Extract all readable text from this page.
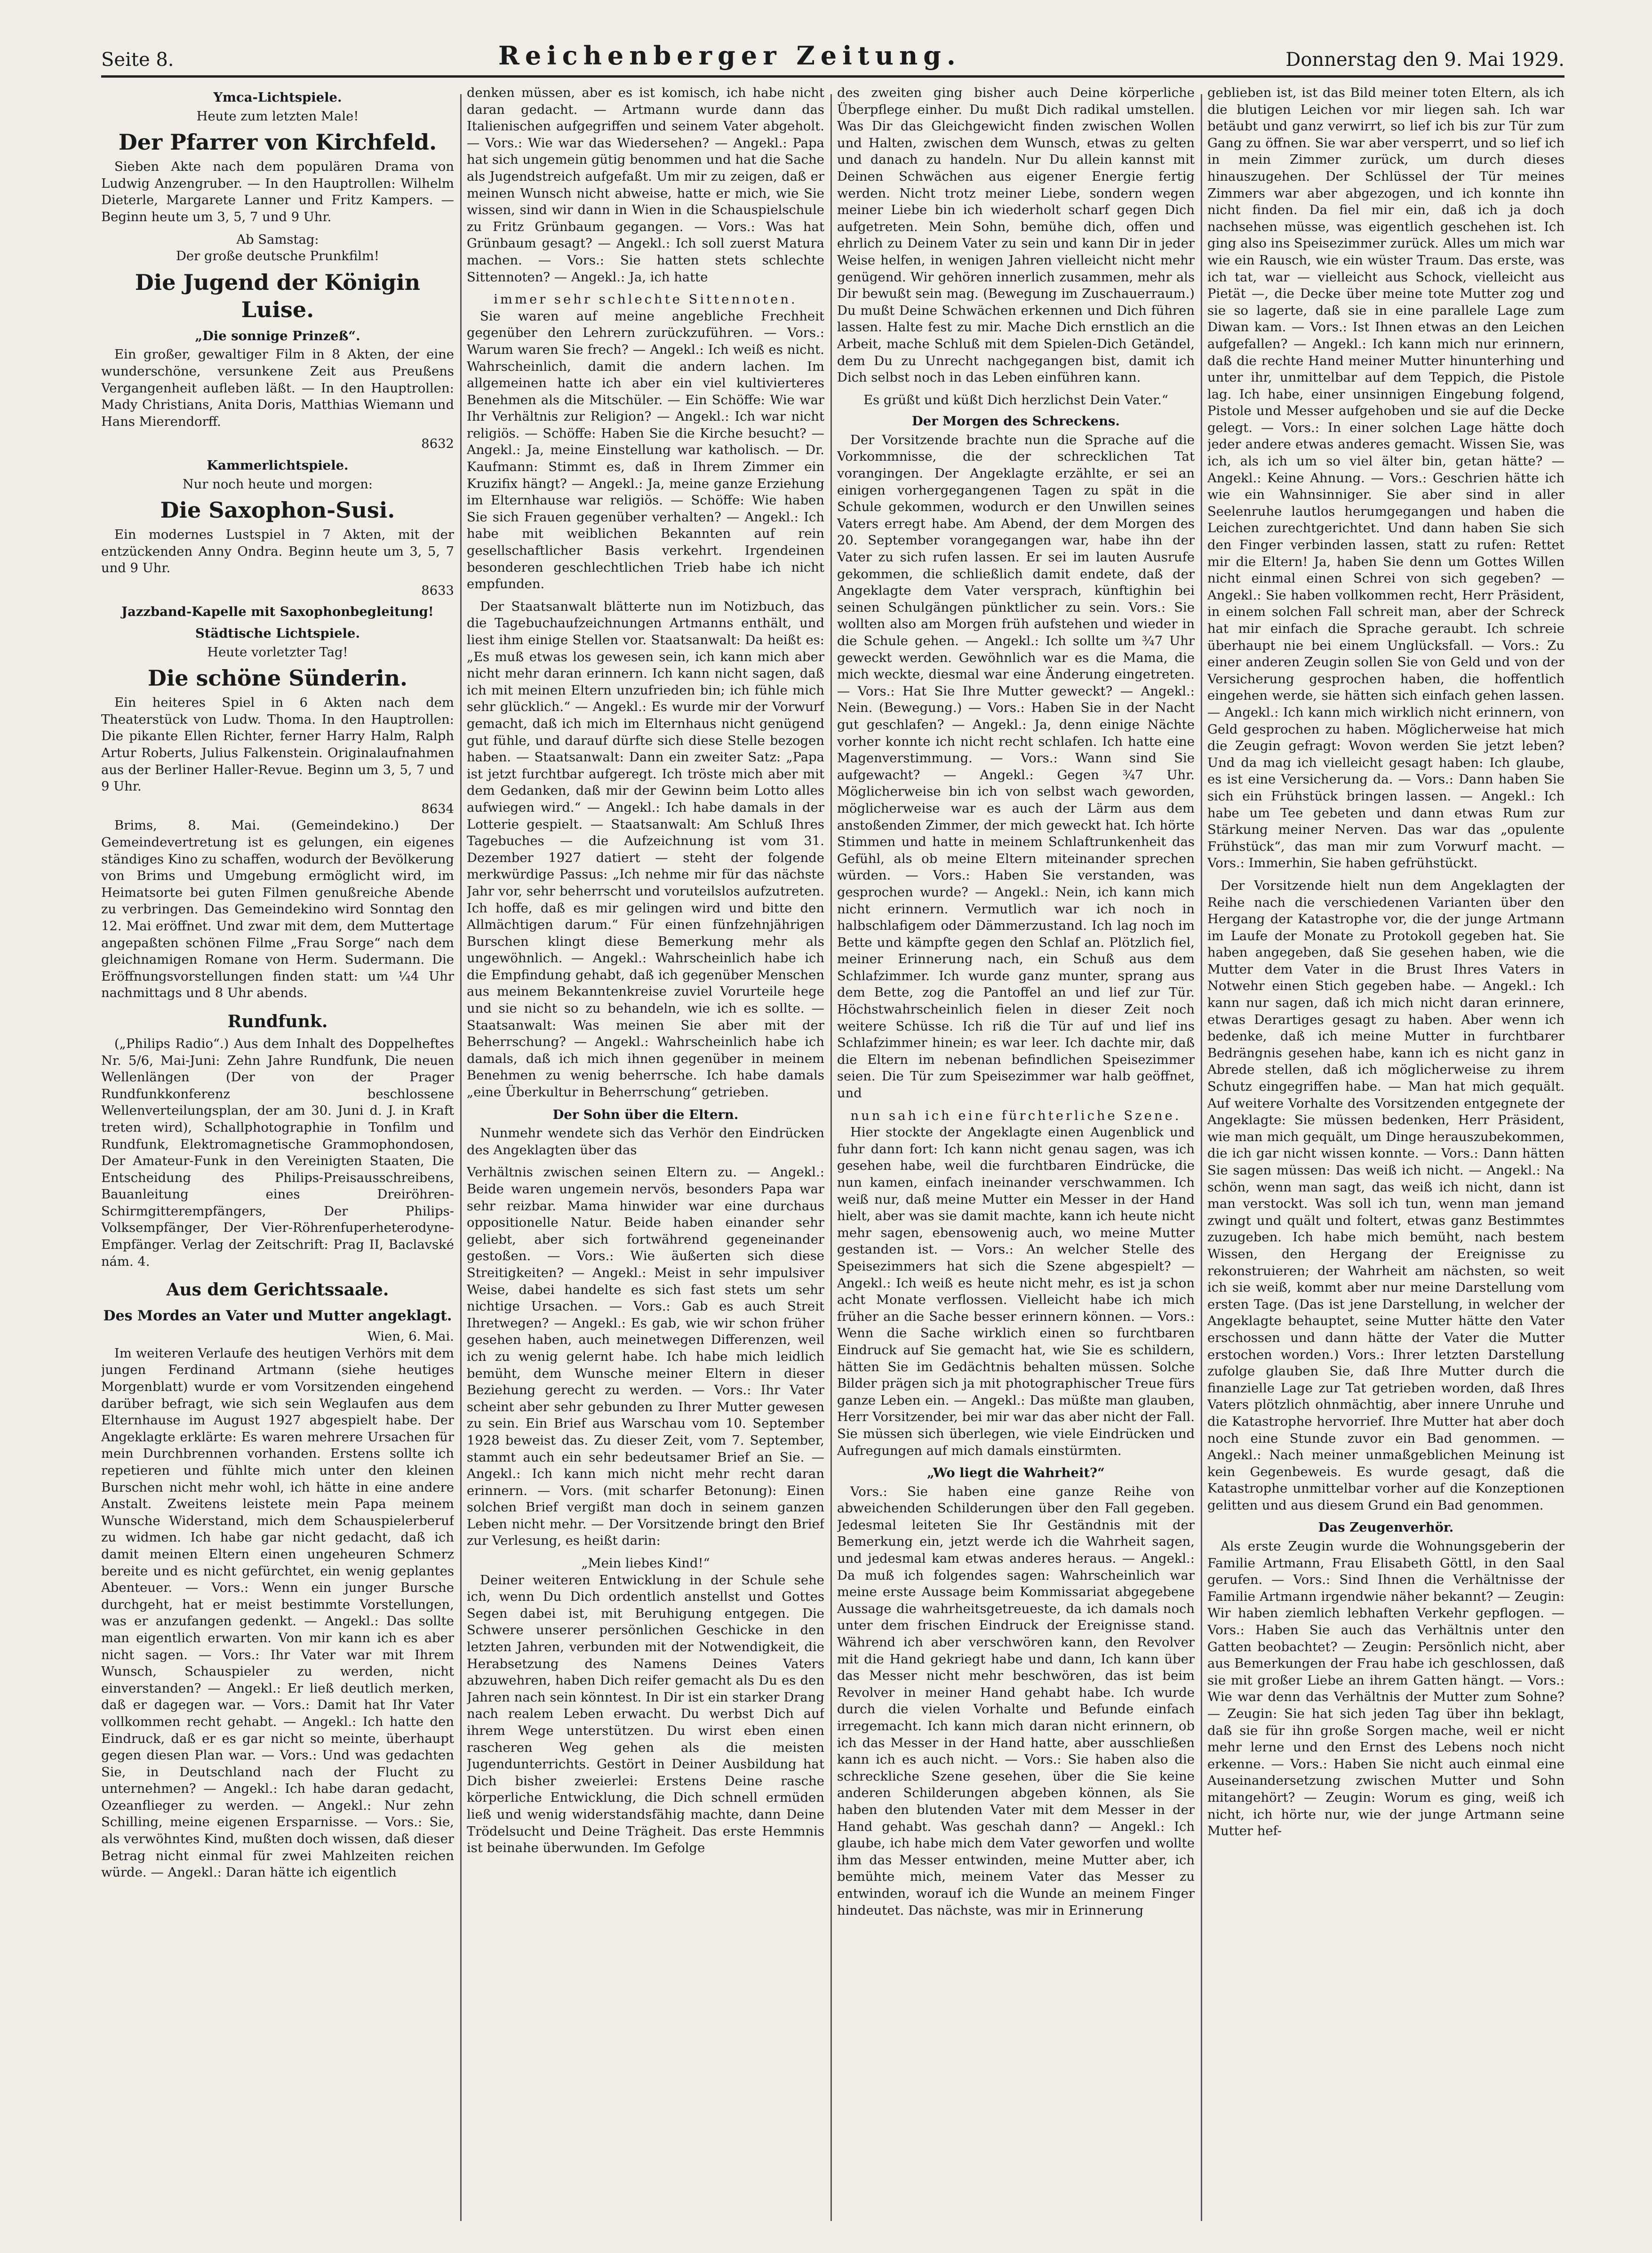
Seite 8.	Reichenberger Zeitung.	Donnerstag den 9. Mai 1929.
Ymca-Lichtspiele.
Heute zum letzten Male!
Der Pfarrer von Kirchfeld.

Sieben Akte nach dem populären Drama von Ludwig Anzengruber. — In den Hauptrollen: Wilhelm Dieterle, Margarete Lanner und Fritz Kampers. — Beginn heute um 3, 5, 7 und 9 Uhr.

Ab Samstag:
Der große deutsche Prunkfilm!
Die Jugend der Königin Luise.
„Die sonnige Prinzeß“.

Ein großer, gewaltiger Film in 8 Akten, der eine wunderschöne, versunkene Zeit aus Preußens Vergangenheit aufleben läßt. — In den Hauptrollen: Mady Christians, Anita Doris, Matthias Wiemann und Hans Mierendorff.

8632
Kammerlichtspiele.
Nur noch heute und morgen:
Die Saxophon-Susi.

Ein modernes Lustspiel in 7 Akten, mit der entzückenden Anny Ondra. Beginn heute um 3, 5, 7 und 9 Uhr.

8633
Jazzband-Kapelle mit Saxophonbegleitung!
Städtische Lichtspiele.
Heute vorletzter Tag!
Die schöne Sünderin.

Ein heiteres Spiel in 6 Akten nach dem Theaterstück von Ludw. Thoma. In den Hauptrollen: Die pikante Ellen Richter, ferner Harry Halm, Ralph Artur Roberts, Julius Falkenstein. Originalaufnahmen aus der Berliner Haller-Revue. Beginn um 3, 5, 7 und 9 Uhr.

8634

Brims, 8. Mai. (Gemeindekino.) Der Gemeindevertretung ist es gelungen, ein eigenes ständiges Kino zu schaffen, wodurch der Bevölkerung von Brims und Umgebung ermöglicht wird, im Heimatsorte bei guten Filmen genußreiche Abende zu verbringen. Das Gemeindekino wird Sonntag den 12. Mai eröffnet. Und zwar mit dem, dem Muttertage angepaßten schönen Filme „Frau Sorge“ nach dem gleichnamigen Romane von Herm. Sudermann. Die Eröffnungsvorstellungen finden statt: um ¼4 Uhr nachmittags und 8 Uhr abends.

Rundfunk.

(„Philips Radio“.) Aus dem Inhalt des Doppelheftes Nr. 5/6, Mai-Juni: Zehn Jahre Rundfunk, Die neuen Wellenlängen (Der von der Prager Rundfunkkonferenz beschlossene Wellenverteilungsplan, der am 30. Juni d. J. in Kraft treten wird), Schallphotographie in Tonfilm und Rundfunk, Elektromagnetische Grammophondosen, Der Amateur-Funk in den Vereinigten Staaten, Die Entscheidung des Philips-Preisausschreibens, Bauanleitung eines Dreiröhren-Schirmgitterempfängers, Der Philips-Volksempfänger, Der Vier-Röhrenfuperheterodyne-Empfänger. Verlag der Zeitschrift: Prag II, Baclavské nám. 4.

Aus dem Gerichtssaale.
Des Mordes an Vater und Mutter angeklagt.
Wien, 6. Mai.

Im weiteren Verlaufe des heutigen Verhörs mit dem jungen Ferdinand Artmann (siehe heutiges Morgenblatt) wurde er vom Vorsitzenden eingehend darüber befragt, wie sich sein Weglaufen aus dem Elternhause im August 1927 abgespielt habe. Der Angeklagte erklärte: Es waren mehrere Ursachen für mein Durchbrennen vorhanden. Erstens sollte ich repetieren und fühlte mich unter den kleinen Burschen nicht mehr wohl, ich hätte in eine andere Anstalt. Zweitens leistete mein Papa meinem Wunsche Widerstand, mich dem Schauspielerberuf zu widmen. Ich habe gar nicht gedacht, daß ich damit meinen Eltern einen ungeheuren Schmerz bereite und es nicht gefürchtet, ein wenig geplantes Abenteuer. — Vors.: Wenn ein junger Bursche durchgeht, hat er meist bestimmte Vorstellungen, was er anzufangen gedenkt. — Angekl.: Das sollte man eigentlich erwarten. Von mir kann ich es aber nicht sagen. — Vors.: Ihr Vater war mit Ihrem Wunsch, Schauspieler zu werden, nicht einverstanden? — Angekl.: Er ließ deutlich merken, daß er dagegen war. — Vors.: Damit hat Ihr Vater vollkommen recht gehabt. — Angekl.: Ich hatte den Eindruck, daß er es gar nicht so meinte, überhaupt gegen diesen Plan war. — Vors.: Und was gedachten Sie, in Deutschland nach der Flucht zu unternehmen? — Angekl.: Ich habe daran gedacht, Ozeanflieger zu werden. — Angekl.: Nur zehn Schilling, meine eigenen Ersparnisse. — Vors.: Sie, als verwöhntes Kind, mußten doch wissen, daß dieser Betrag nicht einmal für zwei Mahlzeiten reichen würde. — Angekl.: Daran hätte ich eigentlich

denken müssen, aber es ist komisch, ich habe nicht daran gedacht. — Artmann wurde dann das Italienischen aufgegriffen und seinem Vater abgeholt. — Vors.: Wie war das Wiedersehen? — Angekl.: Papa hat sich ungemein gütig benommen und hat die Sache als Jugendstreich aufgefaßt. Um mir zu zeigen, daß er meinen Wunsch nicht abweise, hatte er mich, wie Sie wissen, sind wir dann in Wien in die Schauspielschule zu Fritz Grünbaum gegangen. — Vors.: Was hat Grünbaum gesagt? — Angekl.: Ich soll zuerst Matura machen. — Vors.: Sie hatten stets schlechte Sittennoten? — Angekl.: Ja, ich hatte

immer sehr schlechte Sittennoten.

Sie waren auf meine angebliche Frechheit gegenüber den Lehrern zurückzuführen. — Vors.: Warum waren Sie frech? — Angekl.: Ich weiß es nicht. Wahrscheinlich, damit die andern lachen. Im allgemeinen hatte ich aber ein viel kultivierteres Benehmen als die Mitschüler. — Ein Schöffe: Wie war Ihr Verhältnis zur Religion? — Angekl.: Ich war nicht religiös. — Schöffe: Haben Sie die Kirche besucht? — Angekl.: Ja, meine Einstellung war katholisch. — Dr. Kaufmann: Stimmt es, daß in Ihrem Zimmer ein Kruzifix hängt? — Angekl.: Ja, meine ganze Erziehung im Elternhause war religiös. — Schöffe: Wie haben Sie sich Frauen gegenüber verhalten? — Angekl.: Ich habe mit weiblichen Bekannten auf rein gesellschaftlicher Basis verkehrt. Irgendeinen besonderen geschlechtlichen Trieb habe ich nicht empfunden.

Der Staatsanwalt blätterte nun im Notizbuch, das die Tagebuchaufzeichnungen Artmanns enthält, und liest ihm einige Stellen vor. Staatsanwalt: Da heißt es: „Es muß etwas los gewesen sein, ich kann mich aber nicht mehr daran erinnern. Ich kann nicht sagen, daß ich mit meinen Eltern unzufrieden bin; ich fühle mich sehr glücklich.“ — Angekl.: Es wurde mir der Vorwurf gemacht, daß ich mich im Elternhaus nicht genügend gut fühle, und darauf dürfte sich diese Stelle bezogen haben. — Staatsanwalt: Dann ein zweiter Satz: „Papa ist jetzt furchtbar aufgeregt. Ich tröste mich aber mit dem Gedanken, daß mir der Gewinn beim Lotto alles aufwiegen wird.“ — Angekl.: Ich habe damals in der Lotterie gespielt. — Staatsanwalt: Am Schluß Ihres Tagebuches — die Aufzeichnung ist vom 31. Dezember 1927 datiert — steht der folgende merkwürdige Passus: „Ich nehme mir für das nächste Jahr vor, sehr beherrscht und voruteilslos aufzutreten. Ich hoffe, daß es mir gelingen wird und bitte den Allmächtigen darum.“ Für einen fünfzehnjährigen Burschen klingt diese Bemerkung mehr als ungewöhnlich. — Angekl.: Wahrscheinlich habe ich die Empfindung gehabt, daß ich gegenüber Menschen aus meinem Bekanntenkreise zuviel Vorurteile hege und sie nicht so zu behandeln, wie ich es sollte. — Staatsanwalt: Was meinen Sie aber mit der Beherrschung? — Angekl.: Wahrscheinlich habe ich damals, daß ich mich ihnen gegenüber in meinem Benehmen zu wenig beherrsche. Ich habe damals „eine Überkultur in Beherrschung“ getrieben.

Der Sohn über die Eltern.

Nunmehr wendete sich das Verhör den Eindrücken des Angeklagten über das

Verhältnis zwischen seinen Eltern zu. — Angekl.: Beide waren ungemein nervös, besonders Papa war sehr reizbar. Mama hinwider war eine durchaus oppositionelle Natur. Beide haben einander sehr geliebt, aber sich fortwährend gegeneinander gestoßen. — Vors.: Wie äußerten sich diese Streitigkeiten? — Angekl.: Meist in sehr impulsiver Weise, dabei handelte es sich fast stets um sehr nichtige Ursachen. — Vors.: Gab es auch Streit Ihretwegen? — Angekl.: Es gab, wie wir schon früher gesehen haben, auch meinetwegen Differenzen, weil ich zu wenig gelernt habe. Ich habe mich leidlich bemüht, dem Wunsche meiner Eltern in dieser Beziehung gerecht zu werden. — Vors.: Ihr Vater scheint aber sehr gebunden zu Ihrer Mutter gewesen zu sein. Ein Brief aus Warschau vom 10. September 1928 beweist das. Zu dieser Zeit, vom 7. September, stammt auch ein sehr bedeutsamer Brief an Sie. — Angekl.: Ich kann mich nicht mehr recht daran erinnern. — Vors. (mit scharfer Betonung): Einen solchen Brief vergißt man doch in seinem ganzen Leben nicht mehr. — Der Vorsitzende bringt den Brief zur Verlesung, es heißt darin:

„Mein liebes Kind!“

Deiner weiteren Entwicklung in der Schule sehe ich, wenn Du Dich ordentlich anstellst und Gottes Segen dabei ist, mit Beruhigung entgegen. Die Schwere unserer persönlichen Geschicke in den letzten Jahren, verbunden mit der Notwendigkeit, die Herabsetzung des Namens Deines Vaters abzuwehren, haben Dich reifer gemacht als Du es den Jahren nach sein könntest. In Dir ist ein starker Drang nach realem Leben erwacht. Du werbst Dich auf ihrem Wege unterstützen. Du wirst eben einen rascheren Weg gehen als die meisten Jugendunterrichts. Gestört in Deiner Ausbildung hat Dich bisher zweierlei: Erstens Deine rasche körperliche Entwicklung, die Dich schnell ermüden ließ und wenig widerstandsfähig machte, dann Deine Trödelsucht und Deine Trägheit. Das erste Hemmnis ist beinahe überwunden. Im Gefolge

des zweiten ging bisher auch Deine körperliche Überpflege einher. Du mußt Dich radikal umstellen. Was Dir das Gleichgewicht finden zwischen Wollen und Halten, zwischen dem Wunsch, etwas zu gelten und danach zu handeln. Nur Du allein kannst mit Deinen Schwächen aus eigener Energie fertig werden. Nicht trotz meiner Liebe, sondern wegen meiner Liebe bin ich wiederholt scharf gegen Dich aufgetreten. Mein Sohn, bemühe dich, offen und ehrlich zu Deinem Vater zu sein und kann Dir in jeder Weise helfen, in wenigen Jahren vielleicht nicht mehr genügend. Wir gehören innerlich zusammen, mehr als Dir bewußt sein mag. (Bewegung im Zuschauerraum.) Du mußt Deine Schwächen erkennen und Dich führen lassen. Halte fest zu mir. Mache Dich ernstlich an die Arbeit, mache Schluß mit dem Spielen-Dich Getändel, dem Du zu Unrecht nachgegangen bist, damit ich Dich selbst noch in das Leben einführen kann.

Es grüßt und küßt Dich herzlichst Dein Vater.“
Der Morgen des Schreckens.

Der Vorsitzende brachte nun die Sprache auf die Vorkommnisse, die der schrecklichen Tat vorangingen. Der Angeklagte erzählte, er sei an einigen vorhergegangenen Tagen zu spät in die Schule gekommen, wodurch er den Unwillen seines Vaters erregt habe. Am Abend, der dem Morgen des 20. September vorangegangen war, habe ihn der Vater zu sich rufen lassen. Er sei im lauten Ausrufe gekommen, die schließlich damit endete, daß der Angeklagte dem Vater versprach, künftighin bei seinen Schulgängen pünktlicher zu sein. Vors.: Sie wollten also am Morgen früh aufstehen und wieder in die Schule gehen. — Angekl.: Ich sollte um ¾7 Uhr geweckt werden. Gewöhnlich war es die Mama, die mich weckte, diesmal war eine Änderung eingetreten. — Vors.: Hat Sie Ihre Mutter geweckt? — Angekl.: Nein. (Bewegung.) — Vors.: Haben Sie in der Nacht gut geschlafen? — Angekl.: Ja, denn einige Nächte vorher konnte ich nicht recht schlafen. Ich hatte eine Magenverstimmung. — Vors.: Wann sind Sie aufgewacht? — Angekl.: Gegen ¾7 Uhr. Möglicherweise bin ich von selbst wach geworden, möglicherweise war es auch der Lärm aus dem anstoßenden Zimmer, der mich geweckt hat. Ich hörte Stimmen und hatte in meinem Schlaftrunkenheit das Gefühl, als ob meine Eltern miteinander sprechen würden. — Vors.: Haben Sie verstanden, was gesprochen wurde? — Angekl.: Nein, ich kann mich nicht erinnern. Vermutlich war ich noch in halbschlafigem oder Dämmerzustand. Ich lag noch im Bette und kämpfte gegen den Schlaf an. Plötzlich fiel, meiner Erinnerung nach, ein Schuß aus dem Schlafzimmer. Ich wurde ganz munter, sprang aus dem Bette, zog die Pantoffel an und lief zur Tür. Höchstwahrscheinlich fielen in dieser Zeit noch weitere Schüsse. Ich riß die Tür auf und lief ins Schlafzimmer hinein; es war leer. Ich dachte mir, daß die Eltern im nebenan befindlichen Speisezimmer seien. Die Tür zum Speisezimmer war halb geöffnet, und

nun sah ich eine fürchterliche Szene.

Hier stockte der Angeklagte einen Augenblick und fuhr dann fort: Ich kann nicht genau sagen, was ich gesehen habe, weil die furchtbaren Eindrücke, die nun kamen, einfach ineinander verschwammen. Ich weiß nur, daß meine Mutter ein Messer in der Hand hielt, aber was sie damit machte, kann ich heute nicht mehr sagen, ebensowenig auch, wo meine Mutter gestanden ist. — Vors.: An welcher Stelle des Speisezimmers hat sich die Szene abgespielt? — Angekl.: Ich weiß es heute nicht mehr, es ist ja schon acht Monate verflossen. Vielleicht habe ich mich früher an die Sache besser erinnern können. — Vors.: Wenn die Sache wirklich einen so furchtbaren Eindruck auf Sie gemacht hat, wie Sie es schildern, hätten Sie im Gedächtnis behalten müssen. Solche Bilder prägen sich ja mit photographischer Treue fürs ganze Leben ein. — Angekl.: Das müßte man glauben, Herr Vorsitzender, bei mir war das aber nicht der Fall. Sie müssen sich überlegen, wie viele Eindrücken und Aufregungen auf mich damals einstürmten.

„Wo liegt die Wahrheit?“

Vors.: Sie haben eine ganze Reihe von abweichenden Schilderungen über den Fall gegeben. Jedesmal leiteten Sie Ihr Geständnis mit der Bemerkung ein, jetzt werde ich die Wahrheit sagen, und jedesmal kam etwas anderes heraus. — Angekl.: Da muß ich folgendes sagen: Wahrscheinlich war meine erste Aussage beim Kommissariat abgegebene Aussage die wahrheitsgetreueste, da ich damals noch unter dem frischen Eindruck der Ereignisse stand. Während ich aber verschwören kann, den Revolver mit die Hand gekriegt habe und dann, Ich kann über das Messer nicht mehr beschwören, das ist beim Revolver in meiner Hand gehabt habe. Ich wurde durch die vielen Vorhalte und Befunde einfach irregemacht. Ich kann mich daran nicht erinnern, ob ich das Messer in der Hand hatte, aber ausschließen kann ich es auch nicht. — Vors.: Sie haben also die schreckliche Szene gesehen, über die Sie keine anderen Schilderungen abgeben können, als Sie haben den blutenden Vater mit dem Messer in der Hand gehabt. Was geschah dann? — Angekl.: Ich glaube, ich habe mich dem Vater geworfen und wollte ihm das Messer entwinden, meine Mutter aber, ich bemühte mich, meinem Vater das Messer zu entwinden, worauf ich die Wunde an meinem Finger hindeutet. Das nächste, was mir in Erinnerung

geblieben ist, ist das Bild meiner toten Eltern, als ich die blutigen Leichen vor mir liegen sah. Ich war betäubt und ganz verwirrt, so lief ich bis zur Tür zum Gang zu öffnen. Sie war aber versperrt, und so lief ich in mein Zimmer zurück, um durch dieses hinauszugehen. Der Schlüssel der Tür meines Zimmers war aber abgezogen, und ich konnte ihn nicht finden. Da fiel mir ein, daß ich ja doch nachsehen müsse, was eigentlich geschehen ist. Ich ging also ins Speisezimmer zurück. Alles um mich war wie ein Rausch, wie ein wüster Traum. Das erste, was ich tat, war — vielleicht aus Schock, vielleicht aus Pietät —, die Decke über meine tote Mutter zog und sie so lagerte, daß sie in eine parallele Lage zum Diwan kam. — Vors.: Ist Ihnen etwas an den Leichen aufgefallen? — Angekl.: Ich kann mich nur erinnern, daß die rechte Hand meiner Mutter hinunterhing und unter ihr, unmittelbar auf dem Teppich, die Pistole lag. Ich habe, einer unsinnigen Eingebung folgend, Pistole und Messer aufgehoben und sie auf die Decke gelegt. — Vors.: In einer solchen Lage hätte doch jeder andere etwas anderes gemacht. Wissen Sie, was ich, als ich um so viel älter bin, getan hätte? — Angekl.: Keine Ahnung. — Vors.: Geschrien hätte ich wie ein Wahnsinniger. Sie aber sind in aller Seelenruhe lautlos herumgegangen und haben die Leichen zurechtgerichtet. Und dann haben Sie sich den Finger verbinden lassen, statt zu rufen: Rettet mir die Eltern! Ja, haben Sie denn um Gottes Willen nicht einmal einen Schrei von sich gegeben? — Angekl.: Sie haben vollkommen recht, Herr Präsident, in einem solchen Fall schreit man, aber der Schreck hat mir einfach die Sprache geraubt. Ich schreie überhaupt nie bei einem Unglücksfall. — Vors.: Zu einer anderen Zeugin sollen Sie von Geld und von der Versicherung gesprochen haben, die hoffentlich eingehen werde, sie hätten sich einfach gehen lassen. — Angekl.: Ich kann mich wirklich nicht erinnern, von Geld gesprochen zu haben. Möglicherweise hat mich die Zeugin gefragt: Wovon werden Sie jetzt leben? Und da mag ich vielleicht gesagt haben: Ich glaube, es ist eine Versicherung da. — Vors.: Dann haben Sie sich ein Frühstück bringen lassen. — Angekl.: Ich habe um Tee gebeten und dann etwas Rum zur Stärkung meiner Nerven. Das war das „opulente Frühstück“, das man mir zum Vorwurf macht. — Vors.: Immerhin, Sie haben gefrühstückt.

Der Vorsitzende hielt nun dem Angeklagten der Reihe nach die verschiedenen Varianten über den Hergang der Katastrophe vor, die der junge Artmann im Laufe der Monate zu Protokoll gegeben hat. Sie haben angegeben, daß Sie gesehen haben, wie die Mutter dem Vater in die Brust Ihres Vaters in Notwehr einen Stich gegeben habe. — Angekl.: Ich kann nur sagen, daß ich mich nicht daran erinnere, etwas Derartiges gesagt zu haben. Aber wenn ich bedenke, daß ich meine Mutter in furchtbarer Bedrängnis gesehen habe, kann ich es nicht ganz in Abrede stellen, daß ich möglicherweise zu ihrem Schutz eingegriffen habe. — Man hat mich gequält. Auf weitere Vorhalte des Vorsitzenden entgegnete der Angeklagte: Sie müssen bedenken, Herr Präsident, wie man mich gequält, um Dinge herauszubekommen, die ich gar nicht wissen konnte. — Vors.: Dann hätten Sie sagen müssen: Das weiß ich nicht. — Angekl.: Na schön, wenn man sagt, das weiß ich nicht, dann ist man verstockt. Was soll ich tun, wenn man jemand zwingt und quält und foltert, etwas ganz Bestimmtes zuzugeben. Ich habe mich bemüht, nach bestem Wissen, den Hergang der Ereignisse zu rekonstruieren; der Wahrheit am nächsten, so weit ich sie weiß, kommt aber nur meine Darstellung vom ersten Tage. (Das ist jene Darstellung, in welcher der Angeklagte behauptet, seine Mutter hätte den Vater erschossen und dann hätte der Vater die Mutter erstochen worden.) Vors.: Ihrer letzten Darstellung zufolge glauben Sie, daß Ihre Mutter durch die finanzielle Lage zur Tat getrieben worden, daß Ihres Vaters plötzlich ohnmächtig, aber innere Unruhe und die Katastrophe hervorrief. Ihre Mutter hat aber doch noch eine Stunde zuvor ein Bad genommen. — Angekl.: Nach meiner unmaßgeblichen Meinung ist kein Gegenbeweis. Es wurde gesagt, daß die Katastrophe unmittelbar vorher auf die Konzeptionen gelitten und aus diesem Grund ein Bad genommen.

Das Zeugenverhör.

Als erste Zeugin wurde die Wohnungsgeberin der Familie Artmann, Frau Elisabeth Göttl, in den Saal gerufen. — Vors.: Sind Ihnen die Verhältnisse der Familie Artmann irgendwie näher bekannt? — Zeugin: Wir haben ziemlich lebhaften Verkehr gepflogen. — Vors.: Haben Sie auch das Verhältnis unter den Gatten beobachtet? — Zeugin: Persönlich nicht, aber aus Bemerkungen der Frau habe ich geschlossen, daß sie mit großer Liebe an ihrem Gatten hängt. — Vors.: Wie war denn das Verhältnis der Mutter zum Sohne? — Zeugin: Sie hat sich jeden Tag über ihn beklagt, daß sie für ihn große Sorgen mache, weil er nicht mehr lerne und den Ernst des Lebens noch nicht erkenne. — Vors.: Haben Sie nicht auch einmal eine Auseinandersetzung zwischen Mutter und Sohn mitangehört? — Zeugin: Worum es ging, weiß ich nicht, ich hörte nur, wie der junge Artmann seine Mutter hef-
